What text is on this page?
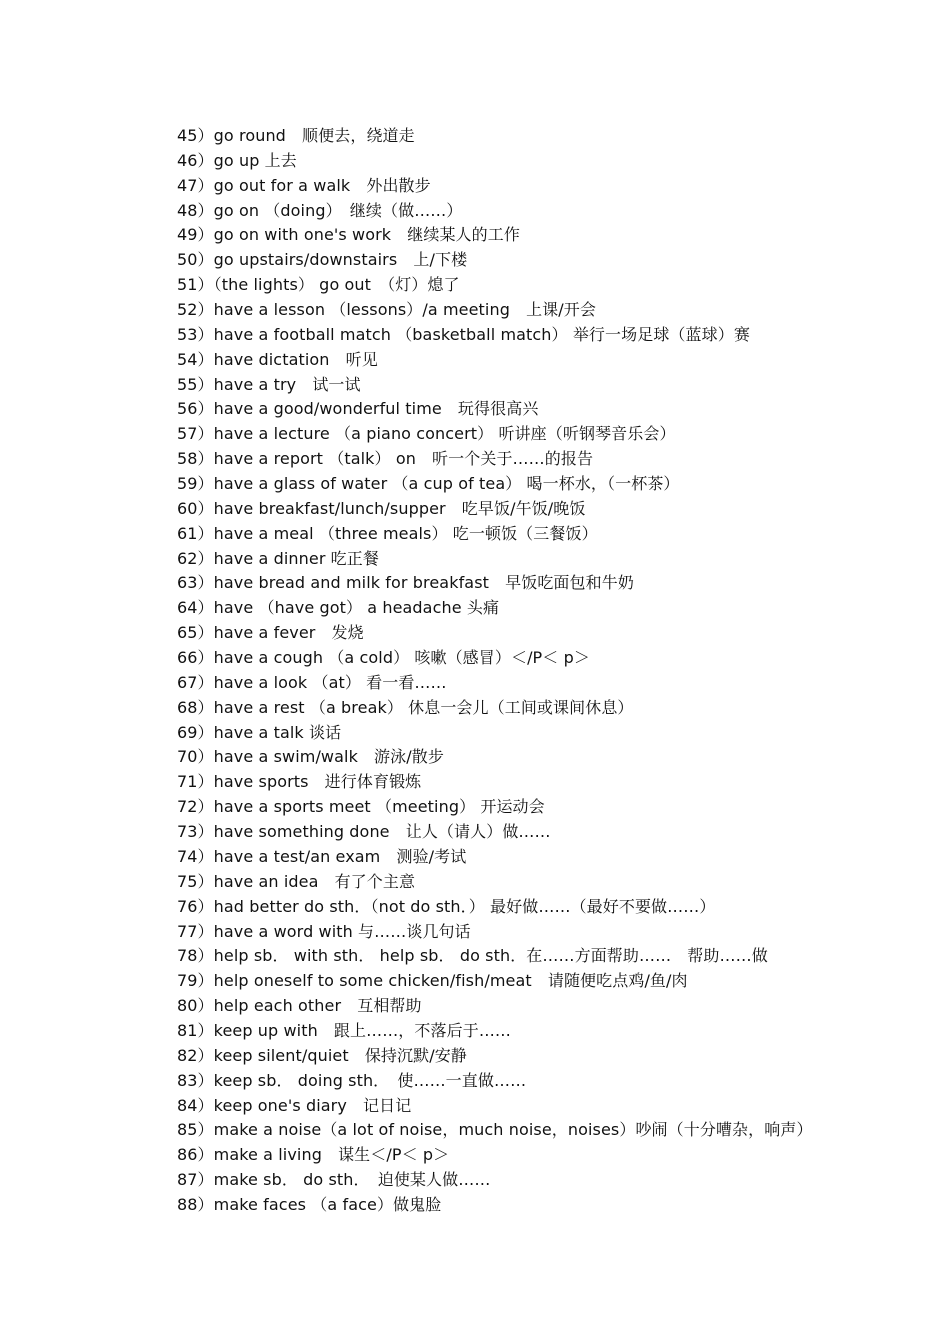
45）go round　顺便去，绕道走
46）go up 上去
47）go out for a walk　外出散步
48）go on （doing）　继续（做……）
49）go on with one's work　继续某人的工作
50）go upstairs/downstairs　上/下楼
51）（the lights） go out　（灯）熄了
52）have a lesson （lessons）/a meeting　上课/开会
53）have a football match （basketball match） 举行一场足球（蓝球）赛
54）have dictation　听见
55）have a try　试一试
56）have a good/wonderful time　玩得很高兴
57）have a lecture （a piano concert） 听讲座（听钢琴音乐会）
58）have a report （talk） on　听一个关于……的报告
59）have a glass of water （a cup of tea） 喝一杯水，（一杯茶）
60）have breakfast/lunch/supper　吃早饭/午饭/晚饭
61）have a meal （three meals） 吃一顿饭（三餐饭）
62）have a dinner 吃正餐
63）have bread and milk for breakfast　早饭吃面包和牛奶
64）have （have got） a headache 头痛
65）have a fever　发烧
66）have a cough （a cold） 咳嗽（感冒）＜/P＜ p＞
67）have a look （at） 看一看……
68）have a rest （a break） 休息一会儿（工间或课间休息）
69）have a talk 谈话
70）have a swim/walk　游泳/散步
71）have sports　进行体育锻炼
72）have a sports meet （meeting） 开运动会
73）have something done　让人（请人）做……
74）have a test/an exam　测验/考试
75）have an idea　有了个主意
76）had better do sth．（not do sth．） 最好做……（最好不要做……）
77）have a word with 与……谈几句话
78）help sb． with sth． help sb． do sth．在……方面帮助……　帮助……做
79）help oneself to some chicken/fish/meat　请随便吃点鸡/鱼/肉
80）help each other　互相帮助
81）keep up with　跟上……，不落后于……
82）keep silent/quiet　保持沉默/安静
83）keep sb． doing sth．　使……一直做……
84）keep one's diary　记日记
85）make a noise（a lot of noise，much noise，noises）吵闹（十分嘈杂，响声）
86）make a living　谋生＜/P＜ p＞
87）make sb． do sth．　迫使某人做……
88）make faces （a face）做鬼脸
